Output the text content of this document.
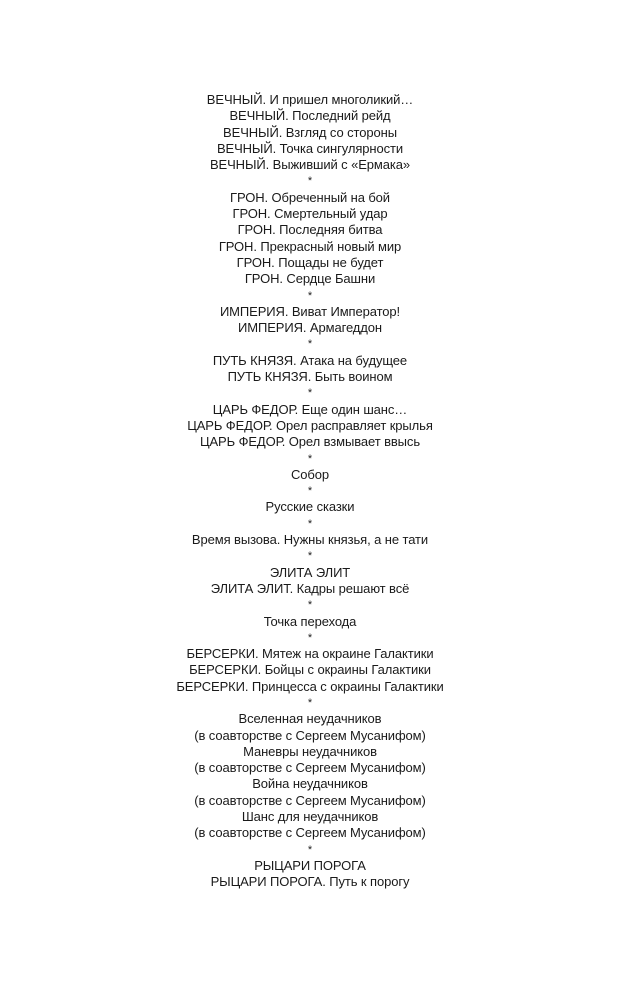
ВЕЧНЫЙ. И пришел многоликий…
ВЕЧНЫЙ. Последний рейд
ВЕЧНЫЙ. Взгляд со стороны
ВЕЧНЫЙ. Точка сингулярности
ВЕЧНЫЙ. Выживший с «Ермака»
*
ГРОН. Обреченный на бой
ГРОН. Смертельный удар
ГРОН. Последняя битва
ГРОН. Прекрасный новый мир
ГРОН. Пощады не будет
ГРОН. Сердце Башни
*
ИМПЕРИЯ. Виват Император!
ИМПЕРИЯ. Армагеддон
*
ПУТЬ КНЯЗЯ. Атака на будущее
ПУТЬ КНЯЗЯ. Быть воином
*
ЦАРЬ ФЕДОР. Еще один шанс…
ЦАРЬ ФЕДОР. Орел расправляет крылья
ЦАРЬ ФЕДОР. Орел взмывает ввысь
*
Собор
*
Русские сказки
*
Время вызова. Нужны князья, а не тати
*
ЭЛИТА ЭЛИТ
ЭЛИТА ЭЛИТ. Кадры решают всё
*
Точка перехода
*
БЕРСЕРКИ. Мятеж на окраине Галактики
БЕРСЕРКИ. Бойцы с окраины Галактики
БЕРСЕРКИ. Принцесса с окраины Галактики
*
Вселенная неудачников
(в соавторстве с Сергеем Мусанифом)
Маневры неудачников
(в соавторстве с Сергеем Мусанифом)
Война неудачников
(в соавторстве с Сергеем Мусанифом)
Шанс для неудачников
(в соавторстве с Сергеем Мусанифом)
*
РЫЦАРИ ПОРОГА
РЫЦАРИ ПОРОГА. Путь к порогу
